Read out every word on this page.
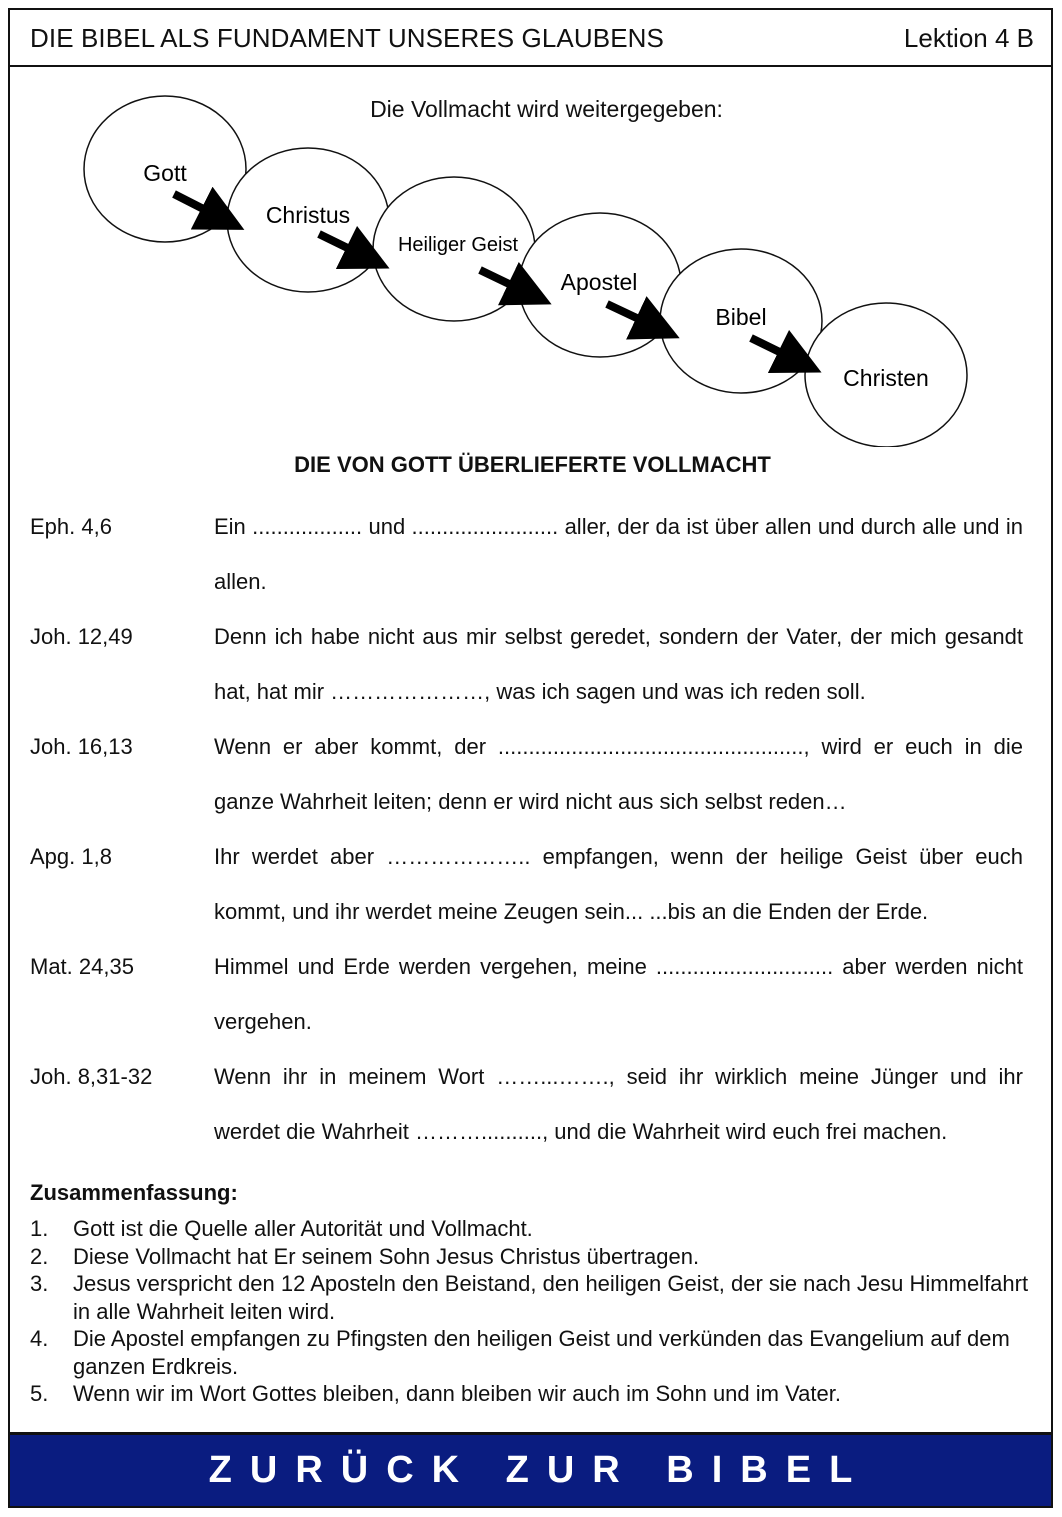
DIE BIBEL ALS FUNDAMENT UNSERES GLAUBENS	Lektion 4 B
Die Vollmacht wird weitergegeben:
Gott
Christus
Heiliger Geist
Apostel
Bibel
Christen
DIE VON GOTT ÜBERLIEFERTE VOLLMACHT
Eph. 4,6	Ein .................. und ........................ aller, der da ist über allen und durch alle und in allen.
Joh. 12,49	Denn ich habe nicht aus mir selbst geredet, sondern der Vater, der mich gesandt hat, hat mir …………………, was ich sagen und was ich reden soll.
Joh. 16,13	Wenn er aber kommt, der .................................................., wird er euch in die ganze Wahrheit leiten; denn er wird nicht aus sich selbst reden…
Apg. 1,8	Ihr werdet aber ……………….. empfangen, wenn der heilige Geist über euch kommt, und ihr werdet meine Zeugen sein... ...bis an die Enden der Erde.
Mat. 24,35	Himmel und Erde werden vergehen, meine ............................. aber werden nicht vergehen.
Joh. 8,31-32	Wenn ihr in meinem Wort ……...……., seid ihr wirklich meine Jünger und ihr werdet die Wahrheit ……….........., und die Wahrheit wird euch frei machen.
Zusammenfassung:
1.	Gott ist die Quelle aller Autorität und Vollmacht.
2.	Diese Vollmacht hat Er seinem Sohn Jesus Christus übertragen.
3.	Jesus verspricht den 12 Aposteln den Beistand, den heiligen Geist, der sie nach Jesu Himmelfahrt in alle Wahrheit leiten wird.
4.	Die Apostel empfangen zu Pfingsten den heiligen Geist und verkünden das Evangelium auf dem ganzen Erdkreis.
5.	Wenn wir im Wort Gottes bleiben, dann bleiben wir auch im Sohn und im Vater.
ZURÜCK ZUR BIBEL
